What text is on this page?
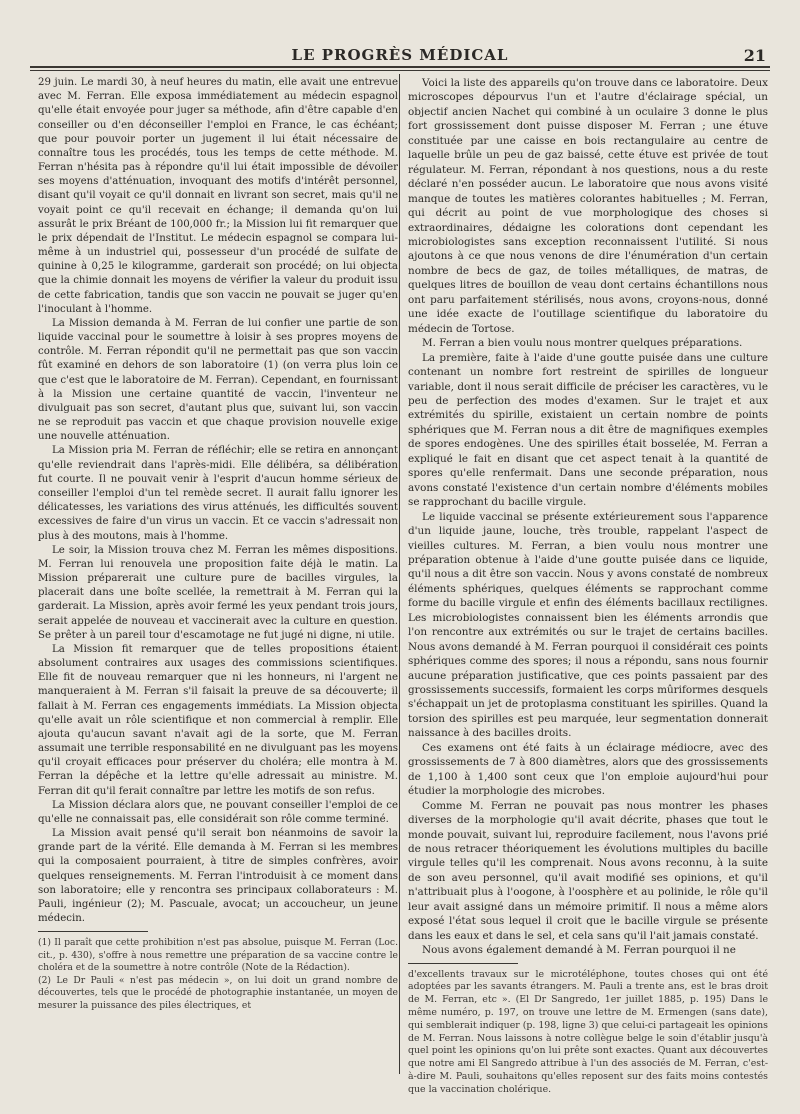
LE PROGRÈS MÉDICAL	21

29 juin. Le mardi 30, à neuf heures du matin, elle avait une entrevue avec M. Ferran. Elle exposa immédiatement au médecin espagnol qu'elle était envoyée pour juger sa méthode, afin d'être capable d'en conseiller ou d'en déconseiller l'emploi en France, le cas échéant; que pour pouvoir porter un jugement il lui était nécessaire de connaître tous les procédés, tous les temps de cette méthode. M. Ferran n'hésita pas à répondre qu'il lui était impossible de dévoiler ses moyens d'atténuation, invoquant des motifs d'intérêt personnel, disant qu'il voyait ce qu'il donnait en livrant son secret, mais qu'il ne voyait point ce qu'il recevait en échange; il demanda qu'on lui assurât le prix Bréant de 100,000 fr.; la Mission lui fit remarquer que le prix dépendait de l'Institut. Le médecin espagnol se compara lui-même à un industriel qui, possesseur d'un procédé de sulfate de quinine à 0,25 le kilogramme, garderait son procédé; on lui objecta que la chimie donnait les moyens de vérifier la valeur du produit issu de cette fabrication, tandis que son vaccin ne pouvait se juger qu'en l'inoculant à l'homme.

La Mission demanda à M. Ferran de lui confier une partie de son liquide vaccinal pour le soumettre à loisir à ses propres moyens de contrôle. M. Ferran répondit qu'il ne permettait pas que son vaccin fût examiné en dehors de son laboratoire (1) (on verra plus loin ce que c'est que le laboratoire de M. Ferran). Cependant, en fournissant à la Mission une certaine quantité de vaccin, l'inventeur ne divulguait pas son secret, d'autant plus que, suivant lui, son vaccin ne se reproduit pas vaccin et que chaque provision nouvelle exige une nouvelle atténuation.

La Mission pria M. Ferran de réfléchir; elle se retira en annonçant qu'elle reviendrait dans l'après-midi. Elle délibéra, sa délibération fut courte. Il ne pouvait venir à l'esprit d'aucun homme sérieux de conseiller l'emploi d'un tel remède secret. Il aurait fallu ignorer les délicatesses, les variations des virus atténués, les difficultés souvent excessives de faire d'un virus un vaccin. Et ce vaccin s'adressait non plus à des moutons, mais à l'homme.

Le soir, la Mission trouva chez M. Ferran les mêmes dispositions. M. Ferran lui renouvela une proposition faite déjà le matin. La Mission préparerait une culture pure de bacilles virgules, la placerait dans une boîte scellée, la remettrait à M. Ferran qui la garderait. La Mission, après avoir fermé les yeux pendant trois jours, serait appelée de nouveau et vaccinerait avec la culture en question. Se prêter à un pareil tour d'escamotage ne fut jugé ni digne, ni utile.

La Mission fit remarquer que de telles propositions étaient absolument contraires aux usages des commissions scientifiques. Elle fit de nouveau remarquer que ni les honneurs, ni l'argent ne manqueraient à M. Ferran s'il faisait la preuve de sa découverte; il fallait à M. Ferran ces engagements immédiats. La Mission objecta qu'elle avait un rôle scientifique et non commercial à remplir. Elle ajouta qu'aucun savant n'avait agi de la sorte, que M. Ferran assumait une terrible responsabilité en ne divulguant pas les moyens qu'il croyait efficaces pour préserver du choléra; elle montra à M. Ferran la dépêche et la lettre qu'elle adressait au ministre. M. Ferran dit qu'il ferait connaître par lettre les motifs de son refus.

La Mission déclara alors que, ne pouvant conseiller l'emploi de ce qu'elle ne connaissait pas, elle considérait son rôle comme terminé.

La Mission avait pensé qu'il serait bon néanmoins de savoir la grande part de la vérité. Elle demanda à M. Ferran si les membres qui la composaient pourraient, à titre de simples confrères, avoir quelques renseignements. M. Ferran l'introduisit à ce moment dans son laboratoire; elle y rencontra ses principaux collaborateurs : M. Pauli, ingénieur (2); M. Pascuale, avocat; un accoucheur, un jeune médecin.

(1) Il paraît que cette prohibition n'est pas absolue, puisque M. Ferran (Loc. cit., p. 430), s'offre à nous remettre une préparation de sa vaccine contre le choléra et de la soumettre à notre contrôle (Note de la Rédaction).

(2) Le Dr Pauli « n'est pas médecin », on lui doit un grand nombre de découvertes, tels que le procédé de photographie instantanée, un moyen de mesurer la puissance des piles électriques, et

Voici la liste des appareils qu'on trouve dans ce laboratoire. Deux microscopes dépourvus l'un et l'autre d'éclairage spécial, un objectif ancien Nachet qui combiné à un oculaire 3 donne le plus fort grossissement dont puisse disposer M. Ferran ; une étuve constituée par une caisse en bois rectangulaire au centre de laquelle brûle un peu de gaz baissé, cette étuve est privée de tout régulateur. M. Ferran, répondant à nos questions, nous a du reste déclaré n'en posséder aucun. Le laboratoire que nous avons visité manque de toutes les matières colorantes habituelles ; M. Ferran, qui décrit au point de vue morphologique des choses si extraordinaires, dédaigne les colorations dont cependant les microbiologistes sans exception reconnaissent l'utilité. Si nous ajoutons à ce que nous venons de dire l'énumération d'un certain nombre de becs de gaz, de toiles métalliques, de matras, de quelques litres de bouillon de veau dont certains échantillons nous ont paru parfaitement stérilisés, nous avons, croyons-nous, donné une idée exacte de l'outillage scientifique du laboratoire du médecin de Tortose.

M. Ferran a bien voulu nous montrer quelques préparations.

La première, faite à l'aide d'une goutte puisée dans une culture contenant un nombre fort restreint de spirilles de longueur variable, dont il nous serait difficile de préciser les caractères, vu le peu de perfection des modes d'examen. Sur le trajet et aux extrémités du spirille, existaient un certain nombre de points sphériques que M. Ferran nous a dit être de magnifiques exemples de spores endogènes. Une des spirilles était bosselée, M. Ferran a expliqué le fait en disant que cet aspect tenait à la quantité de spores qu'elle renfermait. Dans une seconde préparation, nous avons constaté l'existence d'un certain nombre d'éléments mobiles se rapprochant du bacille virgule.

Le liquide vaccinal se présente extérieurement sous l'apparence d'un liquide jaune, louche, très trouble, rappelant l'aspect de vieilles cultures. M. Ferran, a bien voulu nous montrer une préparation obtenue à l'aide d'une goutte puisée dans ce liquide, qu'il nous a dit être son vaccin. Nous y avons constaté de nombreux éléments sphériques, quelques éléments se rapprochant comme forme du bacille virgule et enfin des éléments bacillaux rectilignes. Les microbiologistes connaissent bien les éléments arrondis que l'on rencontre aux extrémités ou sur le trajet de certains bacilles. Nous avons demandé à M. Ferran pourquoi il considérait ces points sphériques comme des spores; il nous a répondu, sans nous fournir aucune préparation justificative, que ces points passaient par des grossissements successifs, formaient les corps mûriformes desquels s'échappait un jet de protoplasma constituant les spirilles. Quand la torsion des spirilles est peu marquée, leur segmentation donnerait naissance à des bacilles droits.

Ces examens ont été faits à un éclairage médiocre, avec des grossissements de 7 à 800 diamètres, alors que des grossissements de 1,100 à 1,400 sont ceux que l'on emploie aujourd'hui pour étudier la morphologie des microbes.

Comme M. Ferran ne pouvait pas nous montrer les phases diverses de la morphologie qu'il avait décrite, phases que tout le monde pouvait, suivant lui, reproduire facilement, nous l'avons prié de nous retracer théoriquement les évolutions multiples du bacille virgule telles qu'il les comprenait. Nous avons reconnu, à la suite de son aveu personnel, qu'il avait modifié ses opinions, et qu'il n'attribuait plus à l'oogone, à l'oosphère et au polinide, le rôle qu'il leur avait assigné dans un mémoire primitif. Il nous a même alors exposé l'état sous lequel il croit que le bacille virgule se présente dans les eaux et dans le sel, et cela sans qu'il l'ait jamais constaté.

Nous avons également demandé à M. Ferran pourquoi il ne

d'excellents travaux sur le microtéléphone, toutes choses qui ont été adoptées par les savants étrangers. M. Pauli a trente ans, est le bras droit de M. Ferran, etc ». (El Dr Sangredo, 1er juillet 1885, p. 195) Dans le même numéro, p. 197, on trouve une lettre de M. Ermengen (sans date), qui semblerait indiquer (p. 198, ligne 3) que celui-ci partageait les opinions de M. Ferran. Nous laissons à notre collègue belge le soin d'établir jusqu'à quel point les opinions qu'on lui prête sont exactes. Quant aux découvertes que notre ami El Sangredo attribue à l'un des associés de M. Ferran, c'est-à-dire M. Pauli, souhaitons qu'elles reposent sur des faits moins contestés que la vaccination cholérique.
